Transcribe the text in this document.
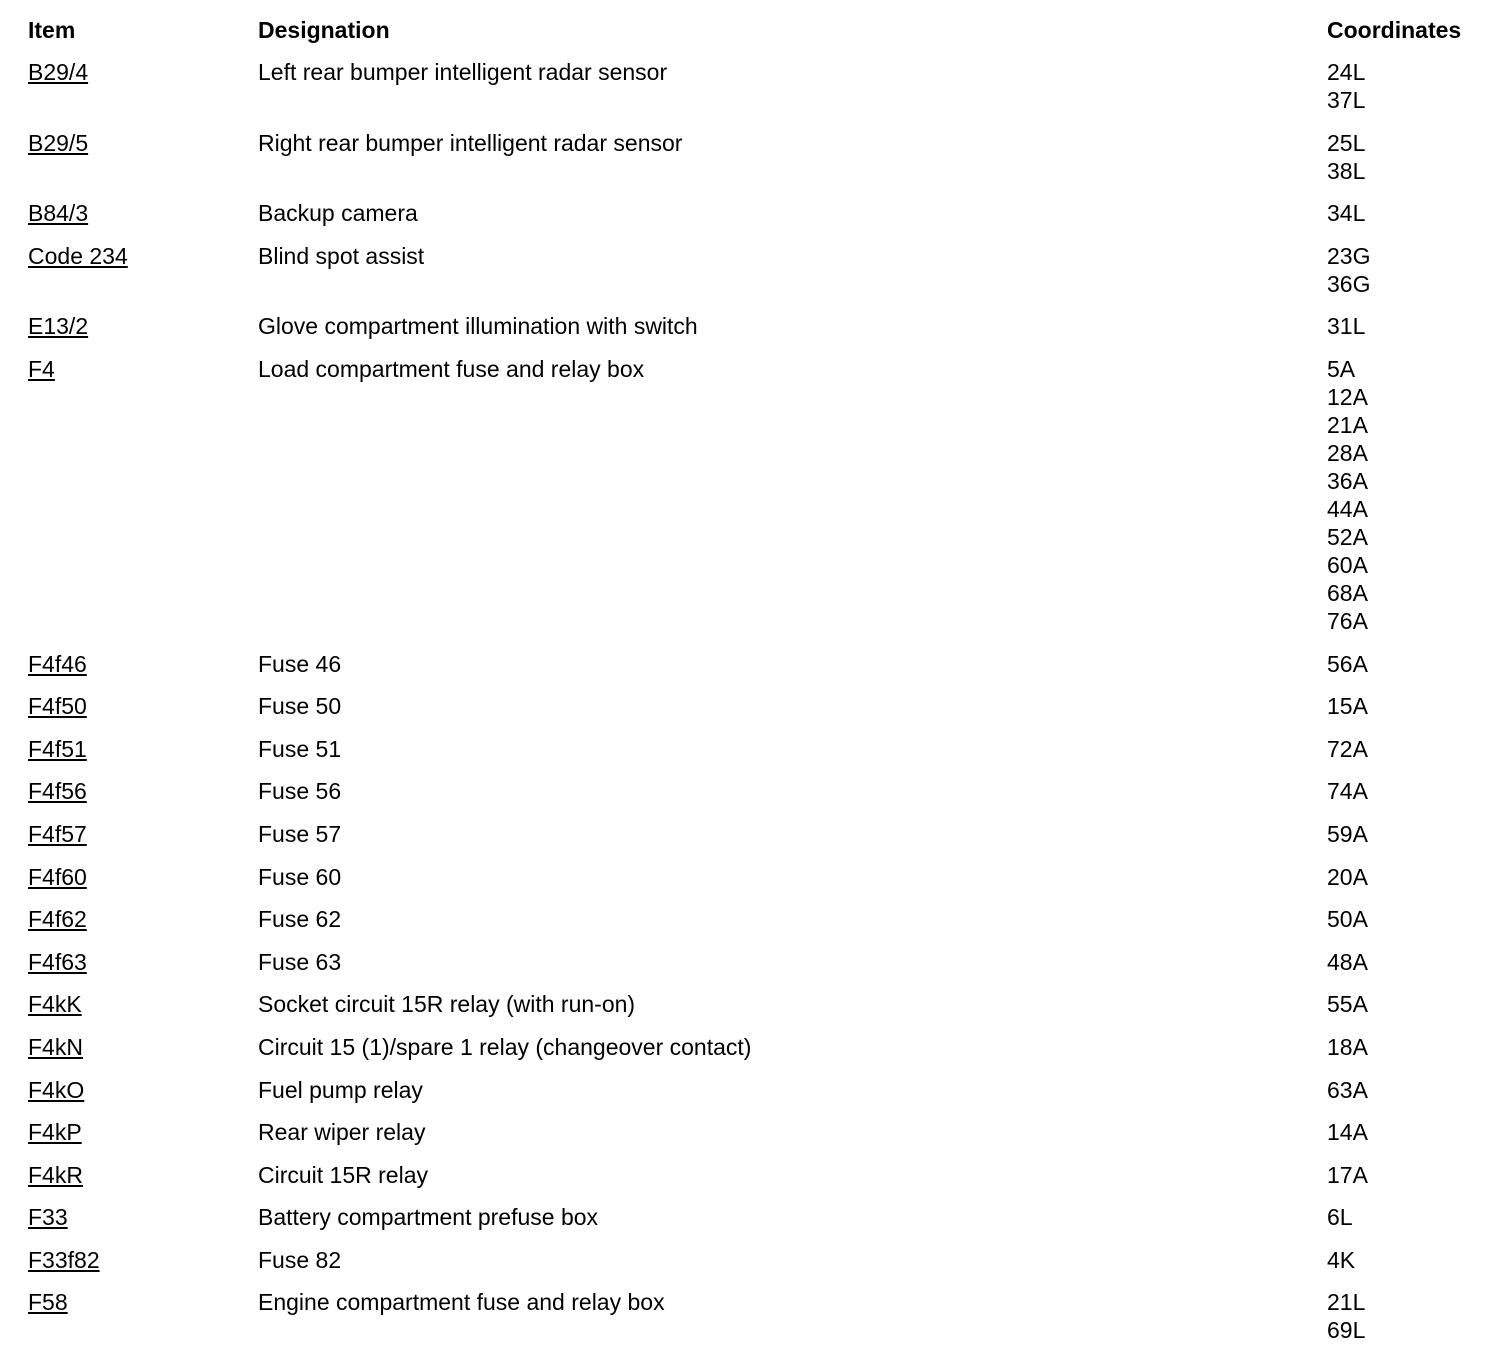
Item	Designation	Coordinates
B29/4	Left rear bumper intelligent radar sensor	24L
37L
B29/5	Right rear bumper intelligent radar sensor	25L
38L
B84/3	Backup camera	34L
Code 234	Blind spot assist	23G
36G
E13/2	Glove compartment illumination with switch	31L
F4	Load compartment fuse and relay box	5A
12A
21A
28A
36A
44A
52A
60A
68A
76A
F4f46	Fuse 46	56A
F4f50	Fuse 50	15A
F4f51	Fuse 51	72A
F4f56	Fuse 56	74A
F4f57	Fuse 57	59A
F4f60	Fuse 60	20A
F4f62	Fuse 62	50A
F4f63	Fuse 63	48A
F4kK	Socket circuit 15R relay (with run-on)	55A
F4kN	Circuit 15 (1)/spare 1 relay (changeover contact)	18A
F4kO	Fuel pump relay	63A
F4kP	Rear wiper relay	14A
F4kR	Circuit 15R relay	17A
F33	Battery compartment prefuse box	6L
F33f82	Fuse 82	4K
F58	Engine compartment fuse and relay box	21L
69L
